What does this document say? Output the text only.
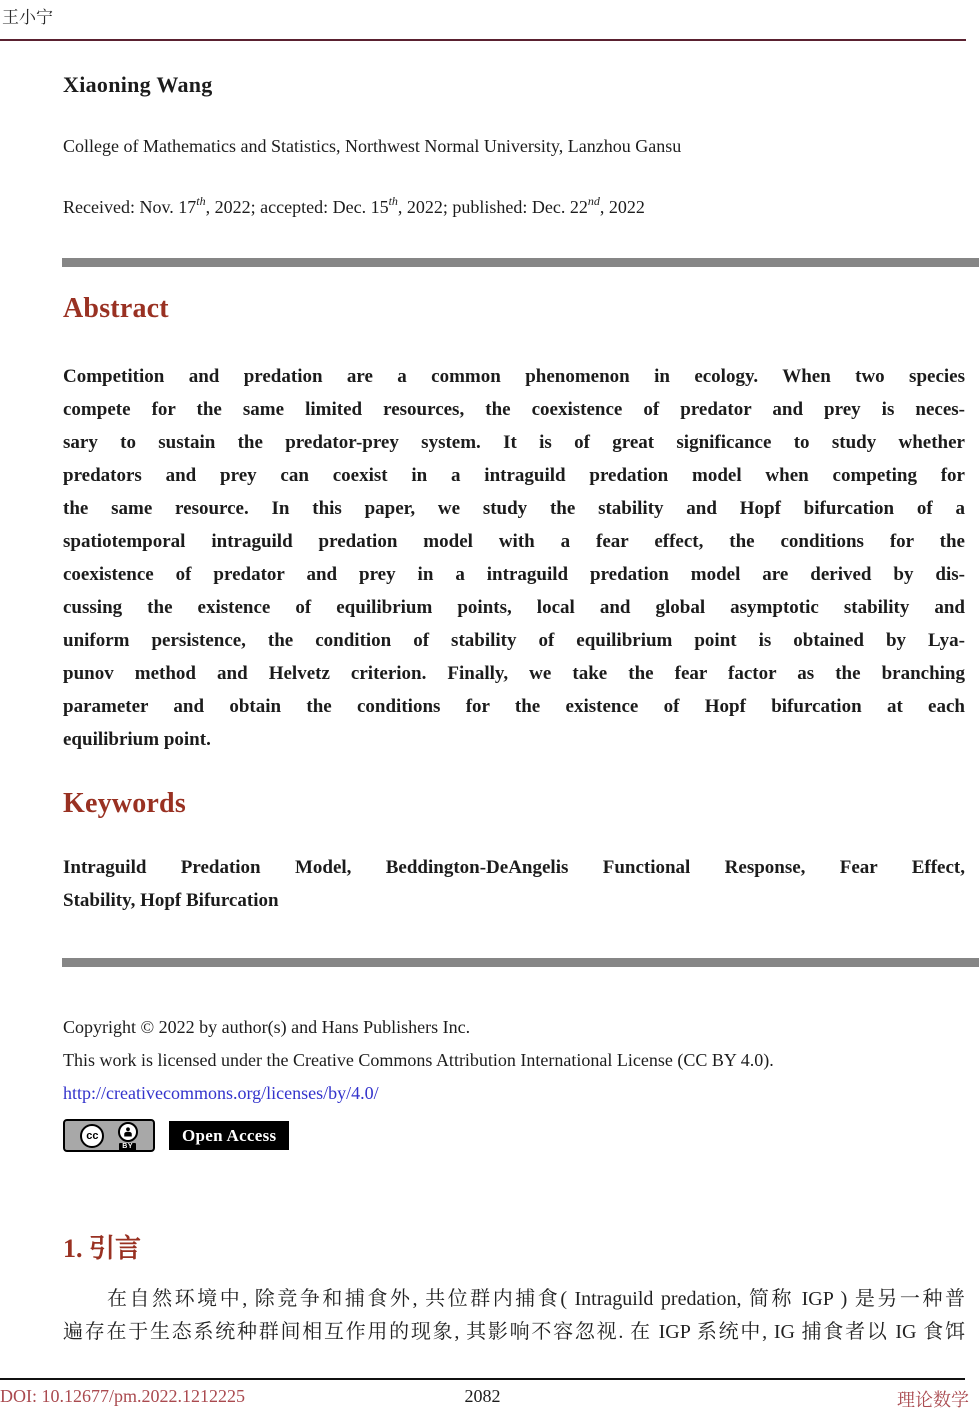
王小宁
Xiaoning Wang

College of Mathematics and Statistics, Northwest Normal University, Lanzhou Gansu

Received: Nov. 17th, 2022; accepted: Dec. 15th, 2022; published: Dec. 22nd, 2022

Abstract
Competition and predation are a common phenomenon in ecology. When two species
compete for the same limited resources, the coexistence of predator and prey is neces-
sary to sustain the predator-prey system. It is of great significance to study whether
predators and prey can coexist in a intraguild predation model when competing for
the same resource. In this paper, we study the stability and Hopf bifurcation of a
spatiotemporal intraguild predation model with a fear effect, the conditions for the
coexistence of predator and prey in a intraguild predation model are derived by dis-
cussing the existence of equilibrium points, local and global asymptotic stability and
uniform persistence, the condition of stability of equilibrium point is obtained by Lya-
punov method and Helvetz criterion. Finally, we take the fear factor as the branching
parameter and obtain the conditions for the existence of Hopf bifurcation at each
equilibrium point.
Keywords
Intraguild Predation Model, Beddington-DeAngelis Functional Response, Fear Effect,
Stability, Hopf Bifurcation
Copyright © 2022 by author(s) and Hans Publishers Inc.
This work is licensed under the Creative Commons Attribution International License (CC BY 4.0).
http://creativecommons.org/licenses/by/4.0/
cc
BY
Open Access
1. 引言
在自然环境中, 除竞争和捕食外, 共位群内捕食( Intraguild predation, 简称 IGP ) 是另一种普
遍存在于生态系统种群间相互作用的现象, 其影响不容忽视. 在 IGP 系统中, IG 捕食者以 IG 食饵
DOI: 10.12677/pm.2022.1212225	2082	理论数学
